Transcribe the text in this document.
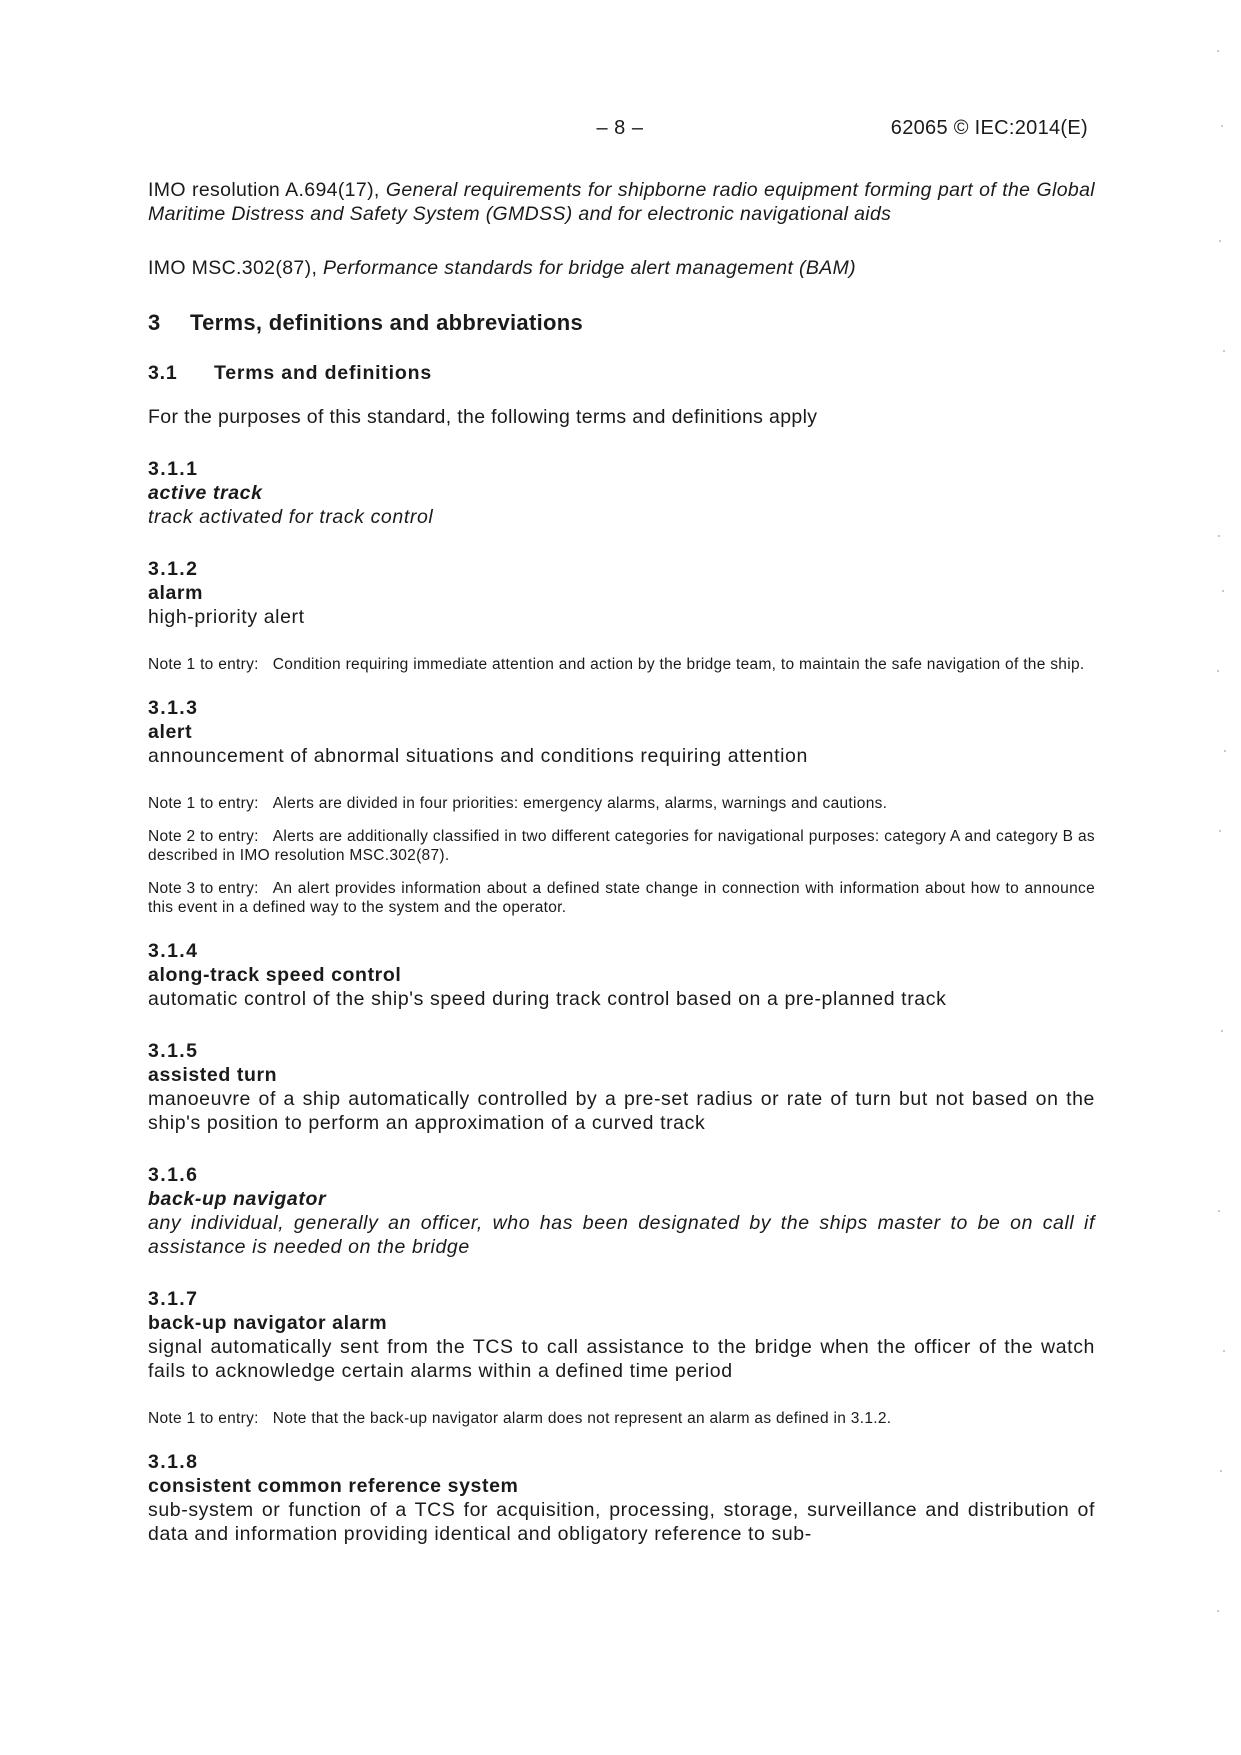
– 8 –	62065 © IEC:2014(E)

IMO resolution A.694(17), General requirements for shipborne radio equipment forming part of the Global Maritime Distress and Safety System (GMDSS) and for electronic navigational aids

IMO MSC.302(87), Performance standards for bridge alert management (BAM)

3 Terms, definitions and abbreviations
3.1 Terms and definitions

For the purposes of this standard, the following terms and definitions apply

3.1.1
active track
track activated for track control
3.1.2
alarm
high-priority alert
Note 1 to entry: Condition requiring immediate attention and action by the bridge team, to maintain the safe navigation of the ship.
3.1.3
alert
announcement of abnormal situations and conditions requiring attention
Note 1 to entry: Alerts are divided in four priorities: emergency alarms, alarms, warnings and cautions.
Note 2 to entry: Alerts are additionally classified in two different categories for navigational purposes: category A and category B as described in IMO resolution MSC.302(87).
Note 3 to entry: An alert provides information about a defined state change in connection with information about how to announce this event in a defined way to the system and the operator.
3.1.4
along-track speed control
automatic control of the ship's speed during track control based on a pre-planned track
3.1.5
assisted turn
manoeuvre of a ship automatically controlled by a pre-set radius or rate of turn but not based on the ship's position to perform an approximation of a curved track
3.1.6
back-up navigator
any individual, generally an officer, who has been designated by the ships master to be on call if assistance is needed on the bridge
3.1.7
back-up navigator alarm
signal automatically sent from the TCS to call assistance to the bridge when the officer of the watch fails to acknowledge certain alarms within a defined time period
Note 1 to entry: Note that the back-up navigator alarm does not represent an alarm as defined in 3.1.2.
3.1.8
consistent common reference system
sub-system or function of a TCS for acquisition, processing, storage, surveillance and distribution of data and information providing identical and obligatory reference to sub-
